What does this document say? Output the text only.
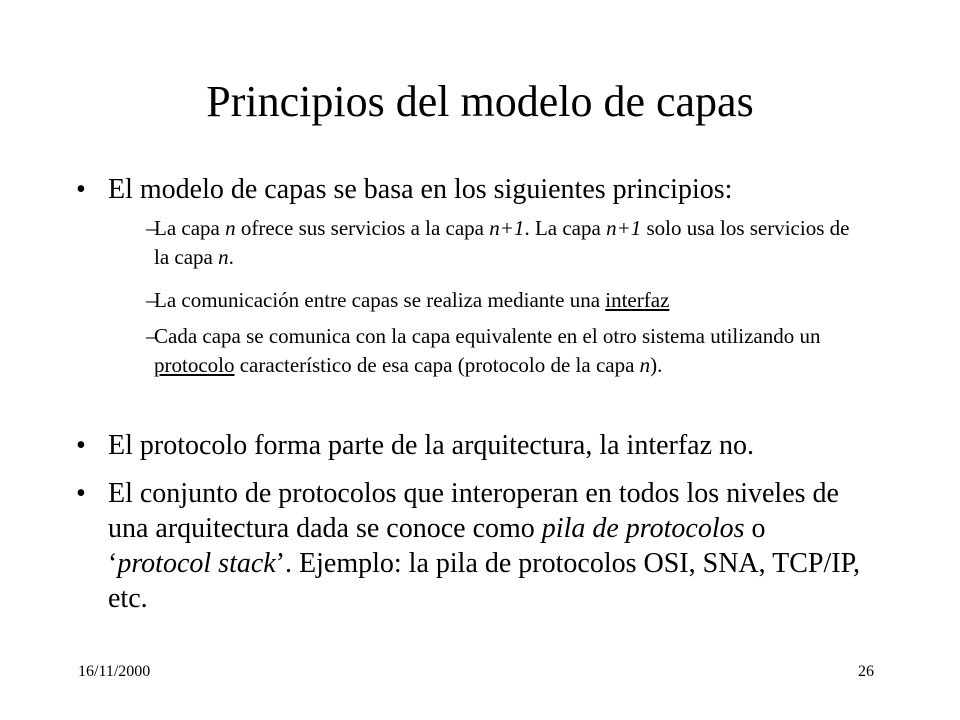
Principios del modelo de capas
• El modelo de capas se basa en los siguientes principios:
–
La capa n ofrece sus servicios a la capa n+1. La capa n+1 solo usa los servicios de la capa n.
–
La comunicación entre capas se realiza mediante una interfaz
–
Cada capa se comunica con la capa equivalente en el otro sistema utilizando un protocolo característico de esa capa (protocolo de la capa n).
• El protocolo forma parte de la arquitectura, la interfaz no.
• El conjunto de protocolos que interoperan en todos los niveles de una arquitectura dada se conoce como pila de protocolos o ‘protocol stack’. Ejemplo: la pila de protocolos OSI, SNA, TCP/IP, etc.
16/11/2000	26
